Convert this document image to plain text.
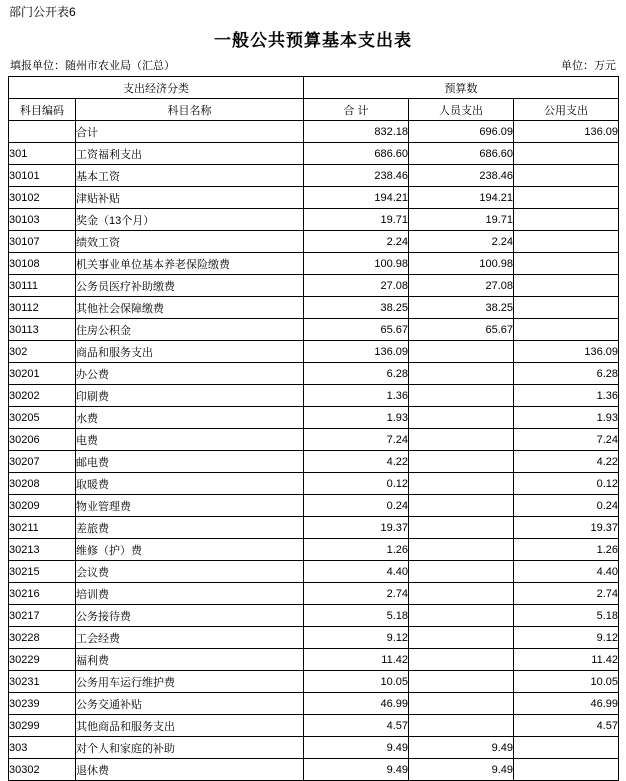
部门公开表6
一般公共预算基本支出表
填报单位：随州市农业局（汇总）	单位：万元
支出经济分类		预算数		
科目编码	科目名称	合 计	人员支出	公用支出
	合计	832.18	696.09	136.09
301	工资福利支出	686.60	686.60	
30101	基本工资	238.46	238.46	
30102	津贴补贴	194.21	194.21	
30103	奖金（13个月）	19.71	19.71	
30107	绩效工资	2.24	2.24	
30108	机关事业单位基本养老保险缴费	100.98	100.98	
30111	公务员医疗补助缴费	27.08	27.08	
30112	其他社会保障缴费	38.25	38.25	
30113	住房公积金	65.67	65.67	
302	商品和服务支出	136.09		136.09
30201	办公费	6.28		6.28
30202	印刷费	1.36		1.36
30205	水费	1.93		1.93
30206	电费	7.24		7.24
30207	邮电费	4.22		4.22
30208	取暖费	0.12		0.12
30209	物业管理费	0.24		0.24
30211	差旅费	19.37		19.37
30213	维修（护）费	1.26		1.26
30215	会议费	4.40		4.40
30216	培训费	2.74		2.74
30217	公务接待费	5.18		5.18
30228	工会经费	9.12		9.12
30229	福利费	11.42		11.42
30231	公务用车运行维护费	10.05		10.05
30239	公务交通补贴	46.99		46.99
30299	其他商品和服务支出	4.57		4.57
303	对个人和家庭的补助	9.49	9.49	
30302	退休费	9.49	9.49	
